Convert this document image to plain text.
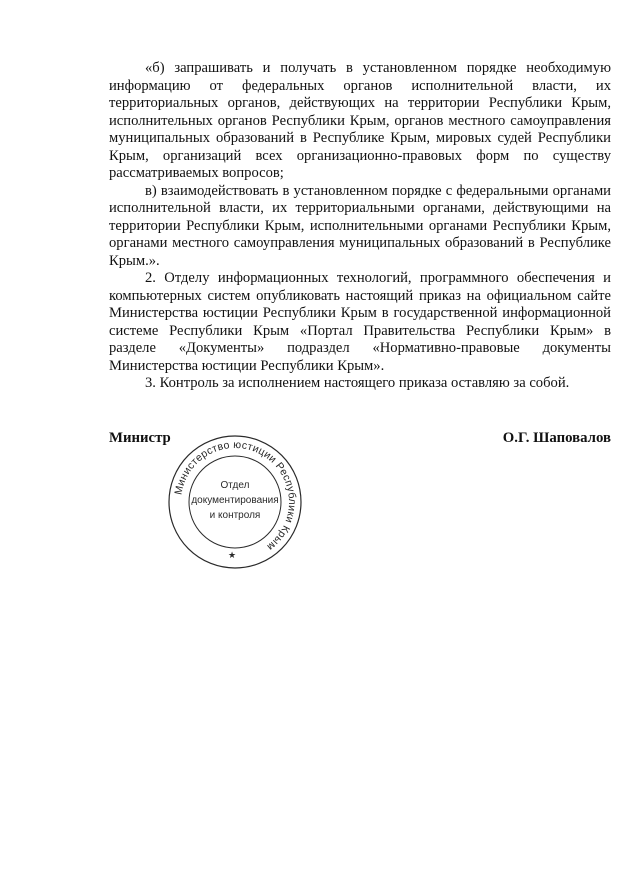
«б) запрашивать и получать в установленном порядке необходимую информацию от федеральных органов исполнительной власти, их территориальных органов, действующих на территории Республики Крым, исполнительных органов Республики Крым, органов местного самоуправления муниципальных образований в Республике Крым, мировых судей Республики Крым, организаций всех организационно-правовых форм по существу рассматриваемых вопросов;

в) взаимодействовать в установленном порядке с федеральными органами исполнительной власти, их территориальными органами, действующими на территории Республики Крым, исполнительными органами Республики Крым, органами местного самоуправления муниципальных образований в Республике Крым.».

2. Отделу информационных технологий, программного обеспечения и компьютерных систем опубликовать настоящий приказ на официальном сайте Министерства юстиции Республики Крым в государственной информационной системе Республики Крым «Портал Правительства Республики Крым» в разделе «Документы» подраздел «Нормативно-правовые документы Министерства юстиции Республики Крым».

3. Контроль за исполнением настоящего приказа оставляю за собой.

Министр	О.Г. Шаповалов
Министерство юстиции Республики Крым
Отдел
документирования
и контроля
★
